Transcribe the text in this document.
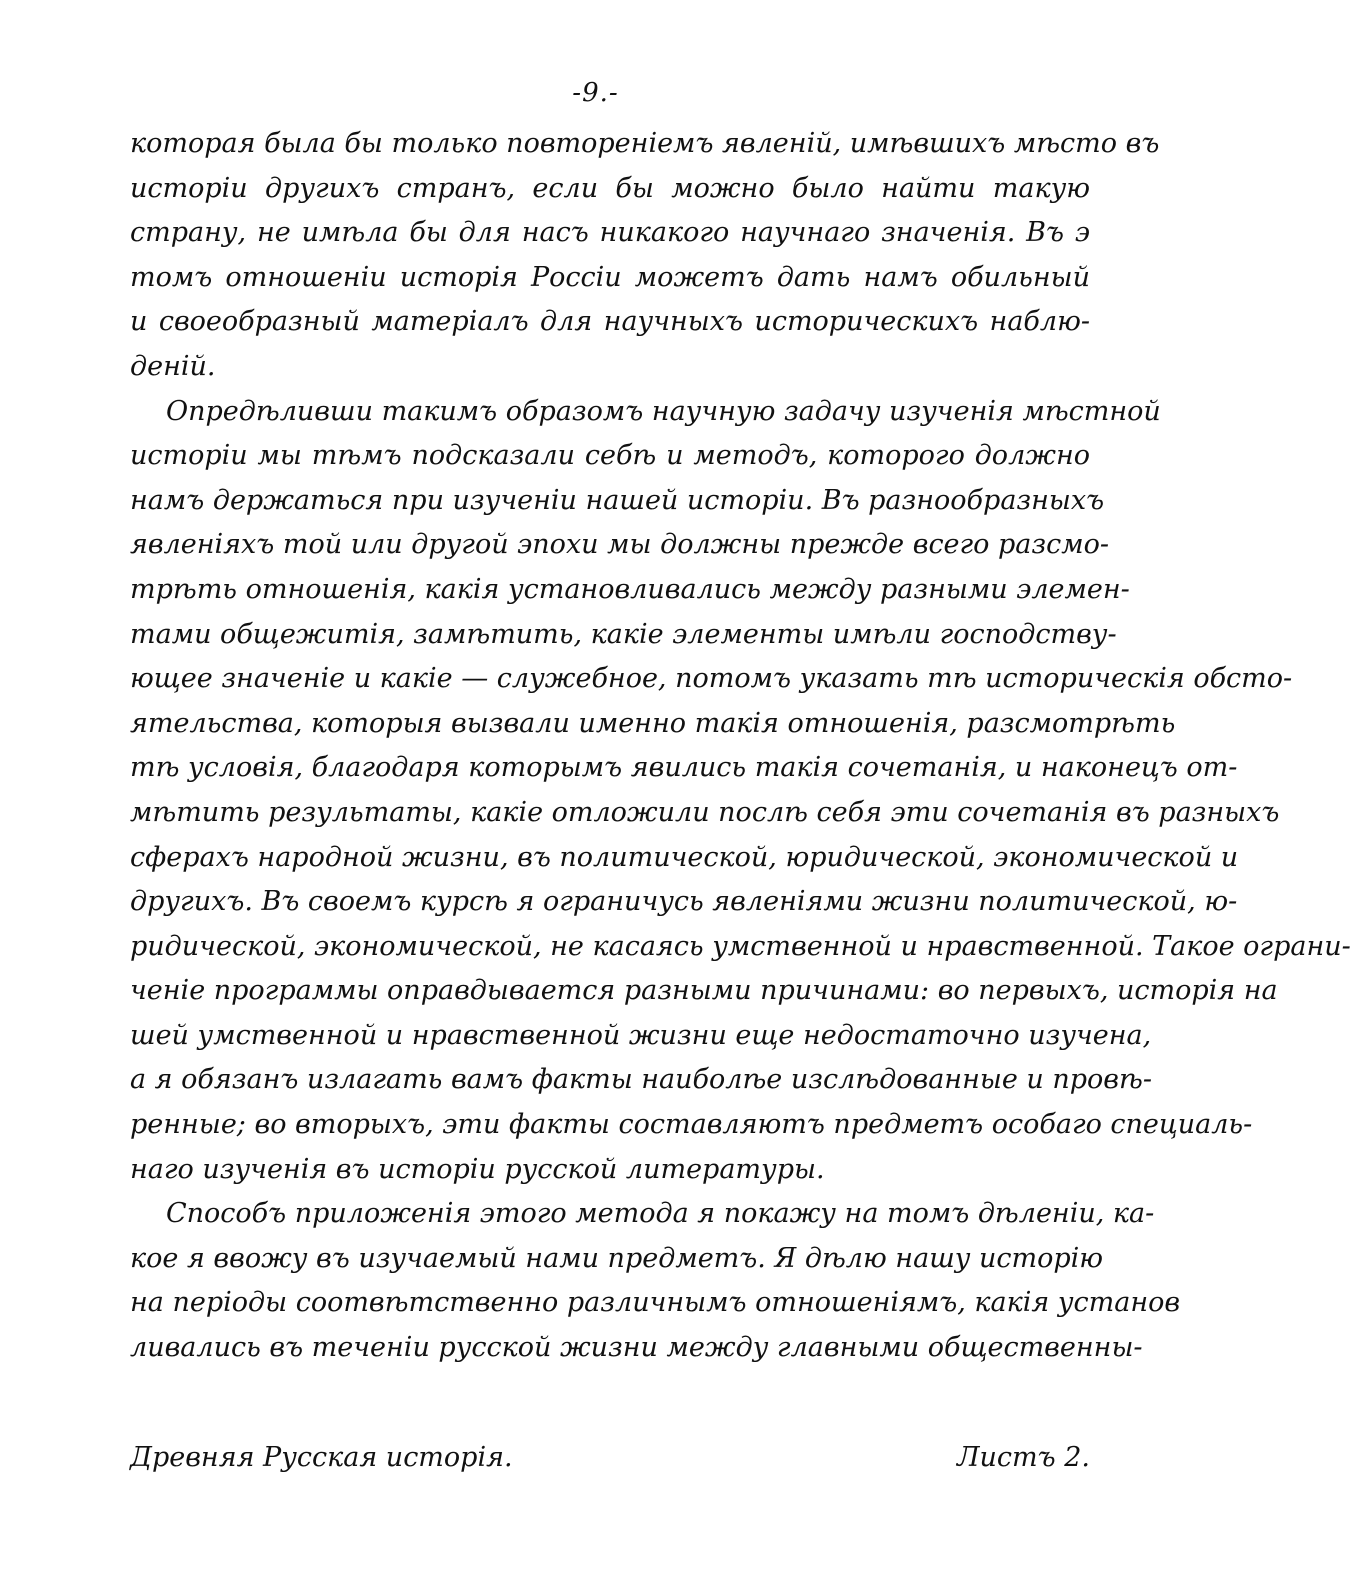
-9.-
которая была бы только повтореніемъ явленій, имѣвшихъ мѣсто въ
исторіи другихъ странъ, если бы можно было найти такую
страну, не имѣла бы для насъ никакого научнаго значенія. Въ э
томъ отношеніи исторія Россіи можетъ дать намъ обильный
и своеобразный матеріалъ для научныхъ историческихъ наблю-
деній.
Опредѣливши такимъ образомъ научную задачу изученія мѣстной
исторіи мы тѣмъ подсказали себѣ и методъ, которого должно
намъ держаться при изученіи нашей исторіи. Въ разнообразныхъ
явленіяхъ той или другой эпохи мы должны прежде всего разсмо-
трѣть отношенія, какія установливались между разными элемен-
тами общежитія, замѣтить, какіе элементы имѣли господству-
ющее значеніе и какіе — служебное, потомъ указать тѣ историческія обсто-
ятельства, которыя вызвали именно такія отношенія, разсмотрѣть
тѣ условія, благодаря которымъ явились такія сочетанія, и наконецъ от-
мѣтить результаты, какіе отложили послѣ себя эти сочетанія въ разныхъ
сферахъ народной жизни, въ политической, юридической, экономической и
другихъ. Въ своемъ курсѣ я ограничусь явленіями жизни политической, ю-
ридической, экономической, не касаясь умственной и нравственной. Такое ограни-
ченіе программы оправдывается разными причинами: во первыхъ, исторія на
шей умственной и нравственной жизни еще недостаточно изучена,
а я обязанъ излагать вамъ факты наиболѣе изслѣдованные и провѣ-
ренные; во вторыхъ, эти факты составляютъ предметъ особаго специаль-
наго изученія въ исторіи русской литературы.
Способъ приложенія этого метода я покажу на томъ дѣленіи, ка-
кое я ввожу въ изучаемый нами предметъ. Я дѣлю нашу исторію
на періоды соотвѣтственно различнымъ отношеніямъ, какія установ
ливались въ теченіи русской жизни между главными общественны-
Древняя Русская исторія.	Листъ 2.
